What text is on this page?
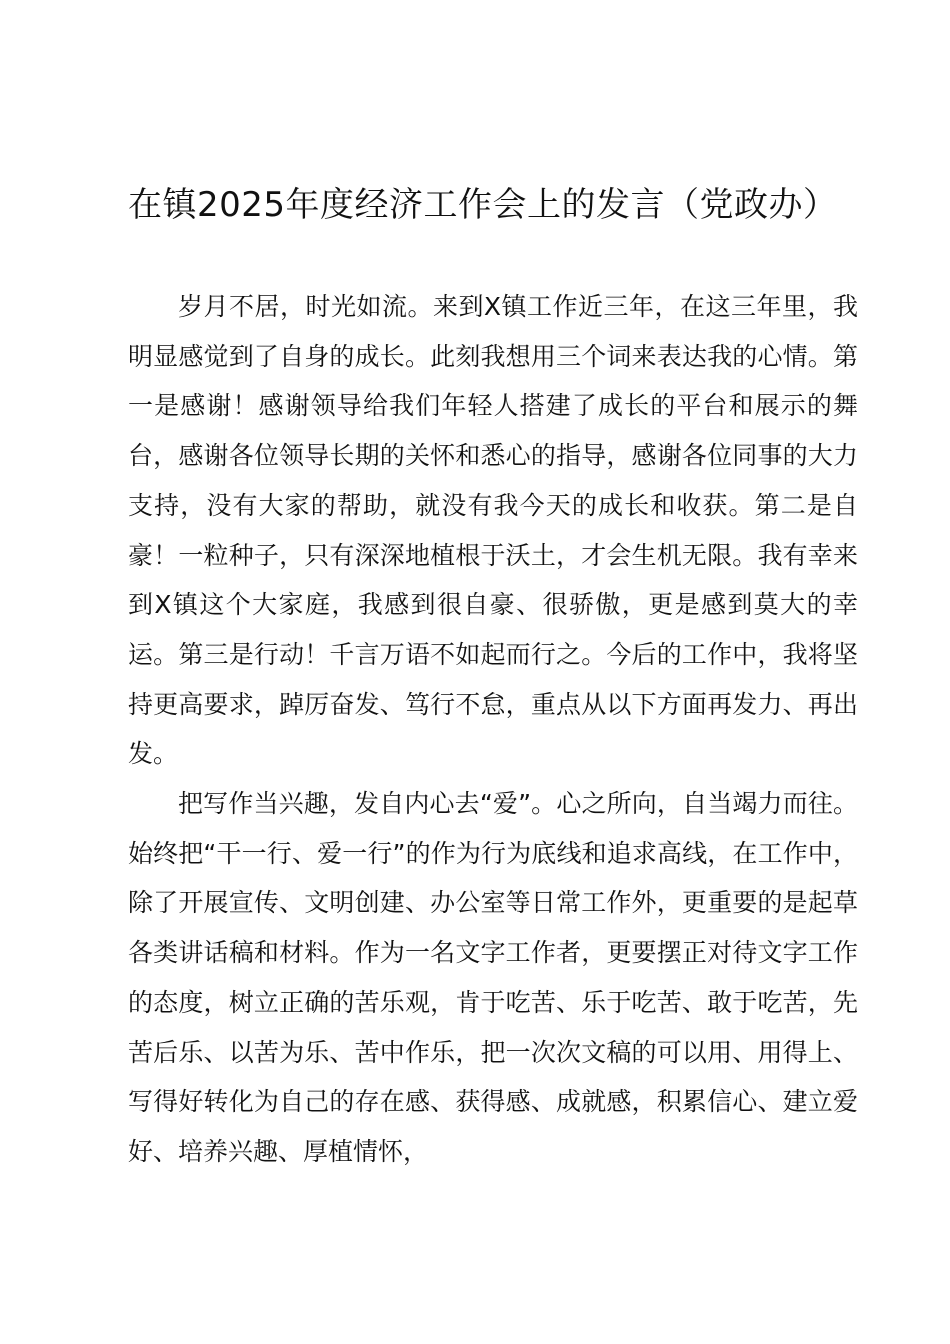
在镇2025年度经济工作会上的发言（党政办）

岁月不居，时光如流。来到X镇工作近三年，在这三年里，我明显感觉到了自身的成长。此刻我想用三个词来表达我的心情。第一是感谢！感谢领导给我们年轻人搭建了成长的平台和展示的舞台，感谢各位领导长期的关怀和悉心的指导，感谢各位同事的大力支持，没有大家的帮助，就没有我今天的成长和收获。第二是自豪！一粒种子，只有深深地植根于沃土，才会生机无限。我有幸来到X镇这个大家庭，我感到很自豪、很骄傲，更是感到莫大的幸运。第三是行动！千言万语不如起而行之。今后的工作中，我将坚持更高要求，踔厉奋发、笃行不怠，重点从以下方面再发力、再出发。

把写作当兴趣，发自内心去“爱”。心之所向，自当竭力而往。始终把“干一行、爱一行”的作为行为底线和追求高线，在工作中，除了开展宣传、文明创建、办公室等日常工作外，更重要的是起草各类讲话稿和材料。作为一名文字工作者，更要摆正对待文字工作的态度，树立正确的苦乐观，肯于吃苦、乐于吃苦、敢于吃苦，先苦后乐、以苦为乐、苦中作乐，把一次次文稿的可以用、用得上、写得好转化为自己的存在感、获得感、成就感，积累信心、建立爱好、培养兴趣、厚植情怀，
